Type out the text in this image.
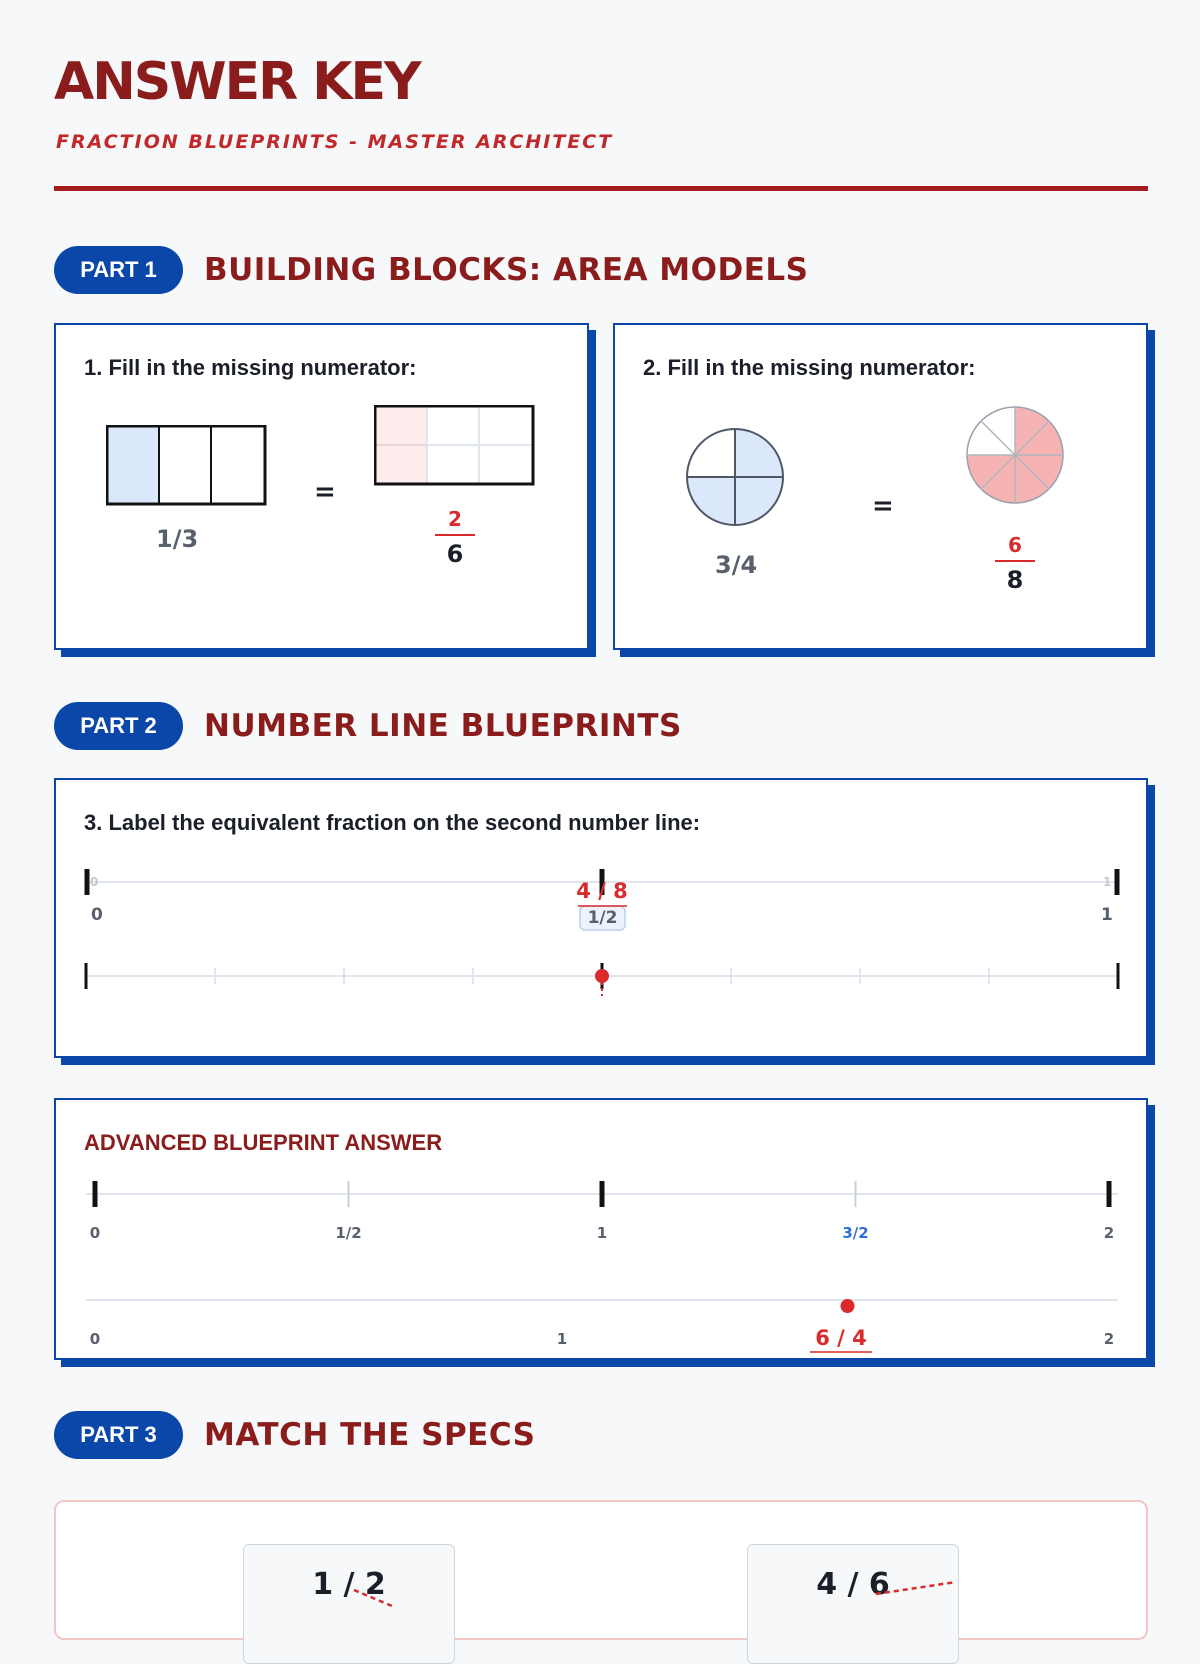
ANSWER KEY
FRACTION BLUEPRINTS - MASTER ARCHITECT
PART 1	BUILDING BLOCKS: AREA MODELS
1. Fill in the missing numerator:
1/3
=
2
6
2. Fill in the missing numerator:
3/4
=
6
8
PART 2	NUMBER LINE BLUEPRINTS
3. Label the equivalent fraction on the second number line:
0	1
0	1
1/2
4 / 8
ADVANCED BLUEPRINT ANSWER
0	1/2	1	3/2	2
0	1	2
6 / 4
PART 3	MATCH THE SPECS
1 / 2	4 / 6
